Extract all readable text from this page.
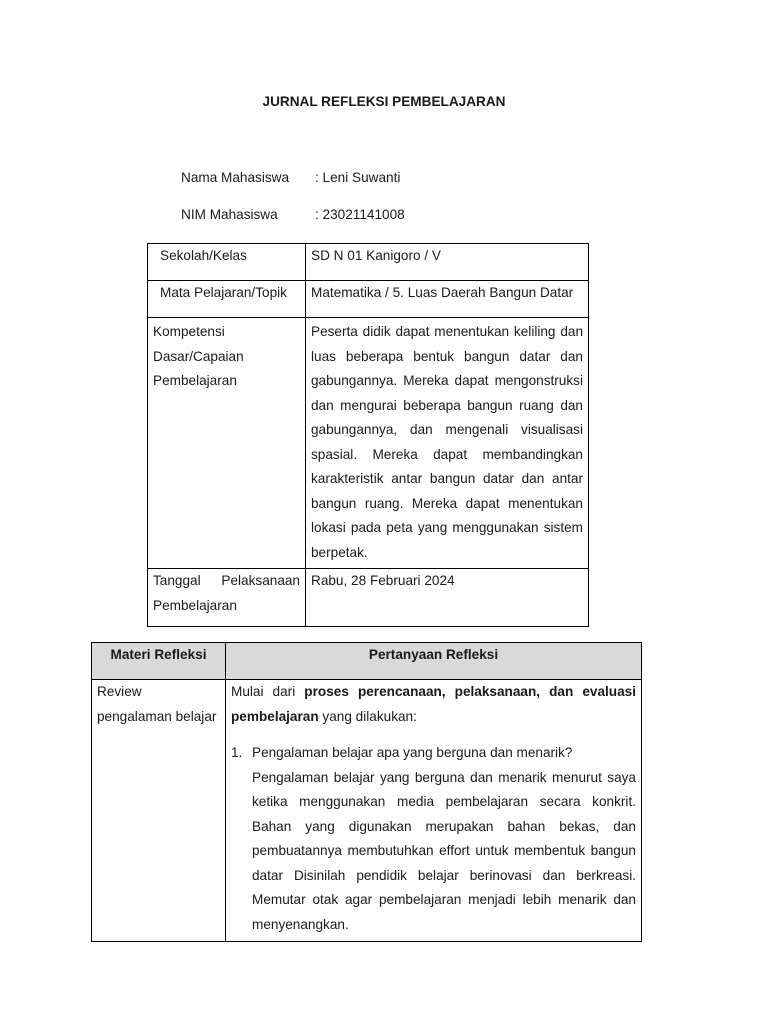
JURNAL REFLEKSI PEMBELAJARAN
Nama Mahasiswa : Leni Suwanti
NIM Mahasiswa	: 23021141008
Sekolah/Kelas	SD N 01 Kanigoro / V
Mata Pelajaran/Topik	Matematika / 5. Luas Daerah Bangun Datar
Kompetensi Dasar/Capaian Pembelajaran	Peserta didik dapat menentukan keliling dan luas beberapa bentuk bangun datar dan gabungannya. Mereka dapat mengonstruksi dan mengurai beberapa bangun ruang dan gabungannya, dan mengenali visualisasi spasial. Mereka dapat membandingkan karakteristik antar bangun datar dan antar bangun ruang. Mereka dapat menentukan lokasi pada peta yang menggunakan sistem berpetak.
Tanggal Pelaksanaan Pembelajaran	Rabu, 28 Februari 2024
Materi Refleksi	Pertanyaan Refleksi
Review pengalaman belajar	Mulai dari proses perencanaan, pelaksanaan, dan evaluasi pembelajaran yang dilakukan:

1. Pengalaman belajar apa yang berguna dan menarik?

Pengalaman belajar yang berguna dan menarik menurut saya ketika menggunakan media pembelajaran secara konkrit. Bahan yang digunakan merupakan bahan bekas, dan pembuatannya membutuhkan effort untuk membentuk bangun datar Disinilah pendidik belajar berinovasi dan berkreasi. Memutar otak agar pembelajaran menjadi lebih menarik dan menyenangkan.
